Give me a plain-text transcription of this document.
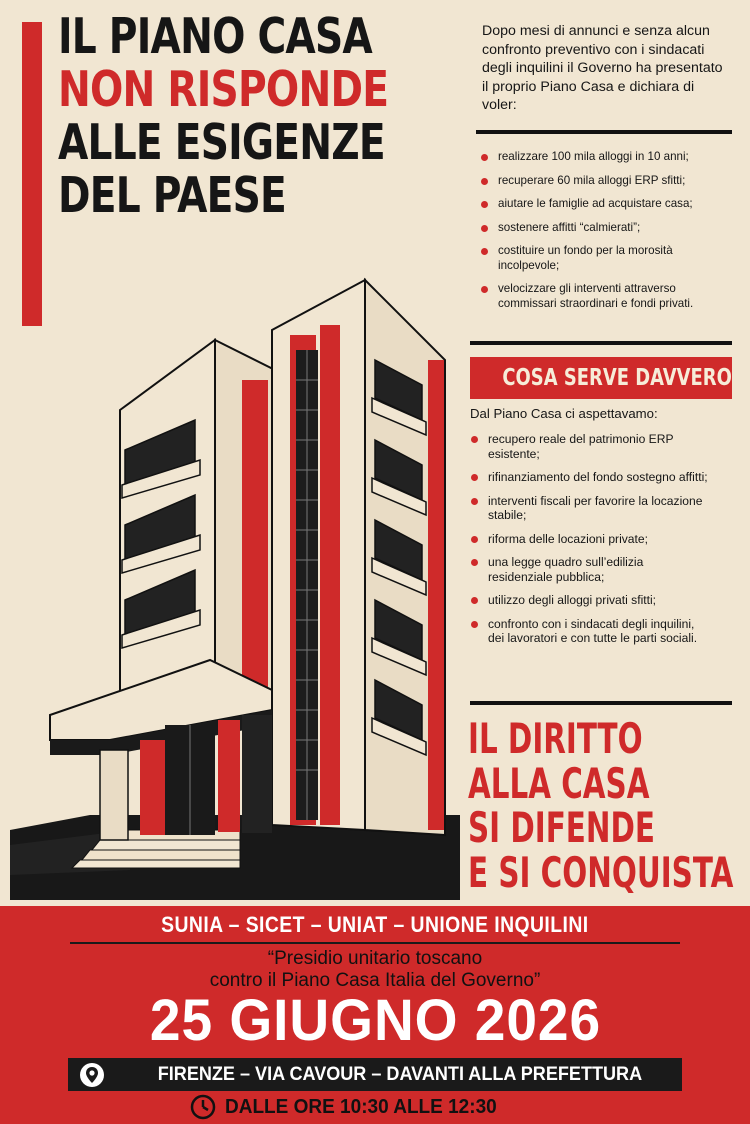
IL PIANO CASA
NON RISPONDE
ALLE ESIGENZE
DEL PAESE
Dopo mesi di annunci e senza alcun confronto preventivo con i sindacati degli inquilini il Governo ha presentato il proprio Piano Casa e dichiara di voler:
realizzare 100 mila alloggi in 10 anni;
recuperare 60 mila alloggi ERP sfitti;
aiutare le famiglie ad acquistare casa;
sostenere affitti “calmierati”;
costituire un fondo per la morosità incolpevole;
velocizzare gli interventi attraverso commissari straordinari e fondi privati.
COSA SERVE DAVVERO
Dal Piano Casa ci aspettavamo:
recupero reale del patrimonio ERP esistente;
rifinanziamento del fondo sostegno affitti;
interventi fiscali per favorire la locazione stabile;
riforma delle locazioni private;
una legge quadro sull’edilizia residenziale pubblica;
utilizzo degli alloggi privati sfitti;
confronto con i sindacati degli inquilini, dei lavoratori e con tutte le parti sociali.
IL DIRITTO
ALLA CASA
SI DIFENDE
E SI CONQUISTA
SUNIA – SICET – UNIAT – UNIONE INQUILINI
“Presidio unitario toscano
contro il Piano Casa Italia del Governo”
25 GIUGNO 2026
FIRENZE – VIA CAVOUR – DAVANTI ALLA PREFETTURA
DALLE ORE 10:30 ALLE 12:30
